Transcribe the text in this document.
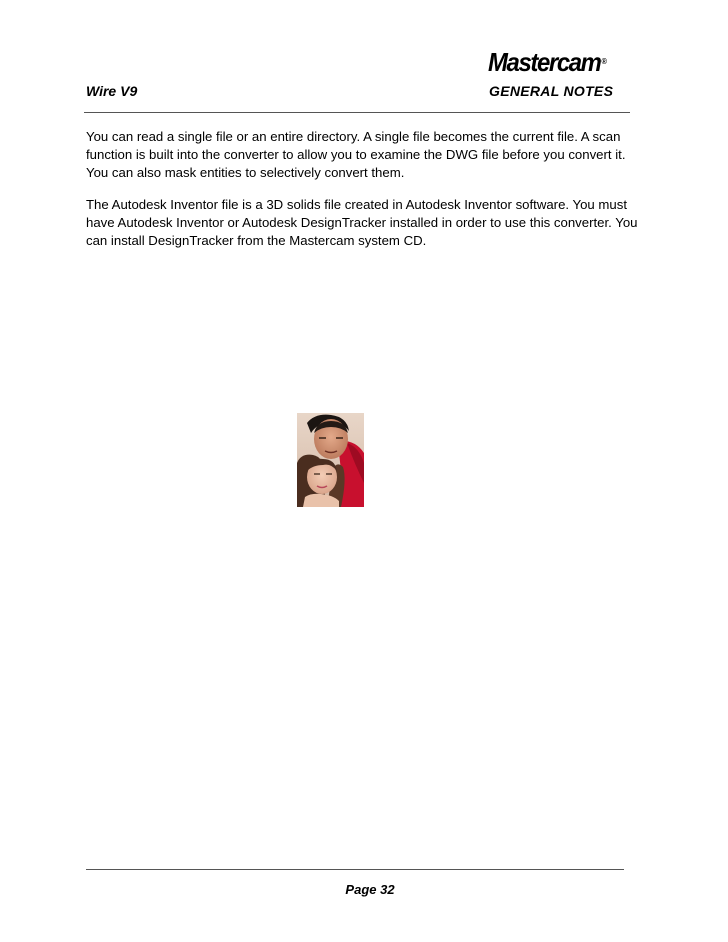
Mastercam®
Wire V9	GENERAL NOTES

You can read a single file or an entire directory. A single file becomes the current file. A scan function is built into the converter to allow you to examine the DWG file before you convert it. You can also mask entities to selectively convert them.

The Autodesk Inventor file is a 3D solids file created in Autodesk Inventor software. You must have Autodesk Inventor or Autodesk DesignTracker installed in order to use this converter. You can install DesignTracker from the Mastercam system CD.

Page 32
